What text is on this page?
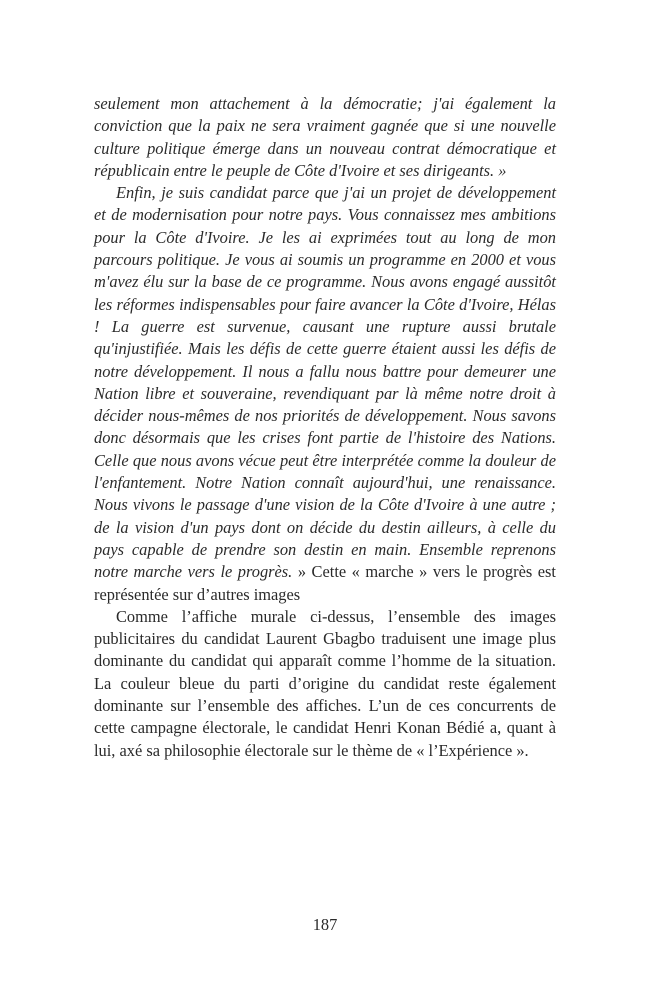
seulement mon attachement à la démocratie; j'ai également la conviction que la paix ne sera vraiment gagnée que si une nouvelle culture politique émerge dans un nouveau contrat démocratique et républicain entre le peuple de Côte d'Ivoire et ses dirigeants. »

Enfin, je suis candidat parce que j'ai un projet de développement et de modernisation pour notre pays. Vous connaissez mes ambitions pour la Côte d'Ivoire. Je les ai exprimées tout au long de mon parcours politique. Je vous ai soumis un programme en 2000 et vous m'avez élu sur la base de ce programme. Nous avons engagé aussitôt les réformes indispensables pour faire avancer la Côte d'Ivoire, Hélas ! La guerre est survenue, causant une rupture aussi brutale qu'injustifiée. Mais les défis de cette guerre étaient aussi les défis de notre développement. Il nous a fallu nous battre pour demeurer une Nation libre et souveraine, revendiquant par là même notre droit à décider nous-mêmes de nos priorités de développement. Nous savons donc désormais que les crises font partie de l'histoire des Nations. Celle que nous avons vécue peut être interprétée comme la douleur de l'enfantement. Notre Nation connaît aujourd'hui, une renaissance. Nous vivons le passage d'une vision de la Côte d'Ivoire à une autre ; de la vision d'un pays dont on décide du destin ailleurs, à celle du pays capable de prendre son destin en main. Ensemble reprenons notre marche vers le progrès. » Cette « marche » vers le progrès est représentée sur d’autres images

Comme l’affiche murale ci-dessus, l’ensemble des images publicitaires du candidat Laurent Gbagbo traduisent une image plus dominante du candidat qui apparaît comme l’homme de la situation. La couleur bleue du parti d’origine du candidat reste également dominante sur l’ensemble des affiches. L’un de ces concurrents de cette campagne électorale, le candidat Henri Konan Bédié a, quant à lui, axé sa philosophie électorale sur le thème de « l’Expérience ».

187
